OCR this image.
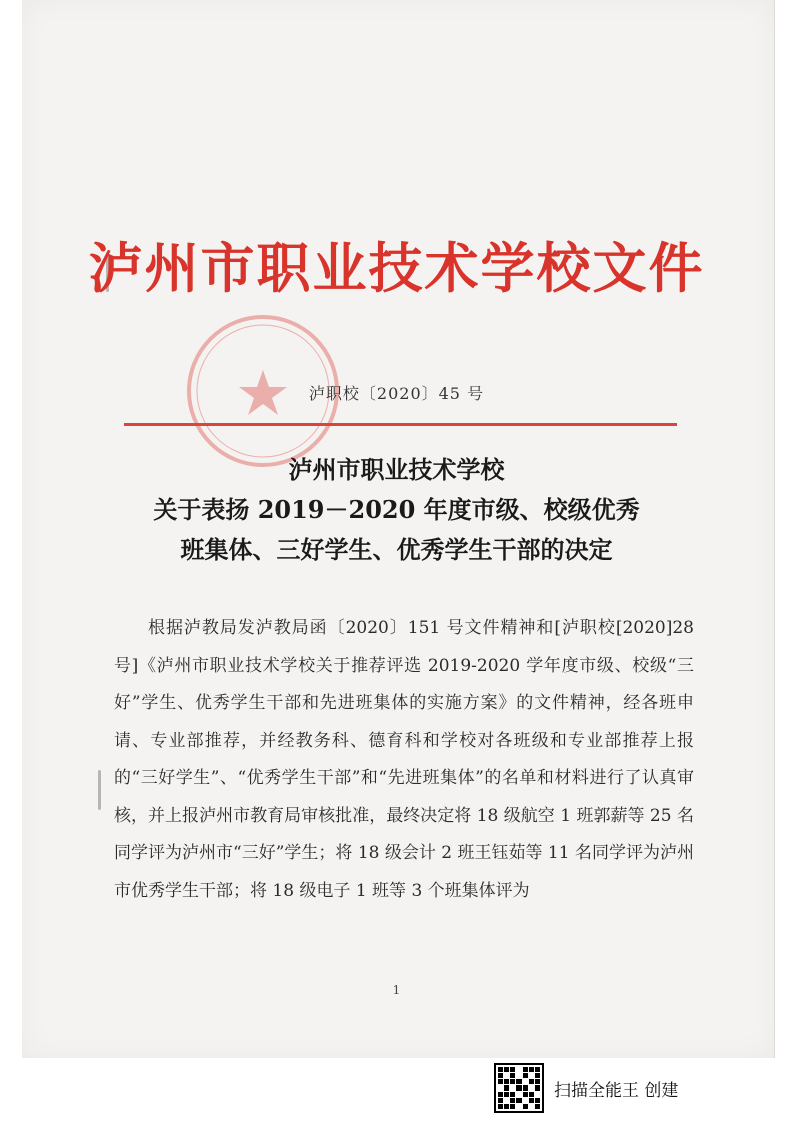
泸州市职业技术学校文件
泸职校〔2020〕45 号
泸州市职业技术学校
关于表扬 2019－2020 年度市级、校级优秀
班集体、三好学生、优秀学生干部的决定

根据泸教局发泸教局函〔2020〕151 号文件精神和[泸职校[2020]28 号]《泸州市职业技术学校关于推荐评选 2019-2020 学年度市级、校级“三好”学生、优秀学生干部和先进班集体的实施方案》的文件精神，经各班申请、专业部推荐，并经教务科、德育科和学校对各班级和专业部推荐上报的“三好学生”、“优秀学生干部”和“先进班集体”的名单和材料进行了认真审核，并上报泸州市教育局审核批准，最终决定将 18 级航空 1 班郭薪等 25 名同学评为泸州市“三好”学生；将 18 级会计 2 班王钰茹等 11 名同学评为泸州市优秀学生干部；将 18 级电子 1 班等 3 个班集体评为

1
扫描全能王 创建
